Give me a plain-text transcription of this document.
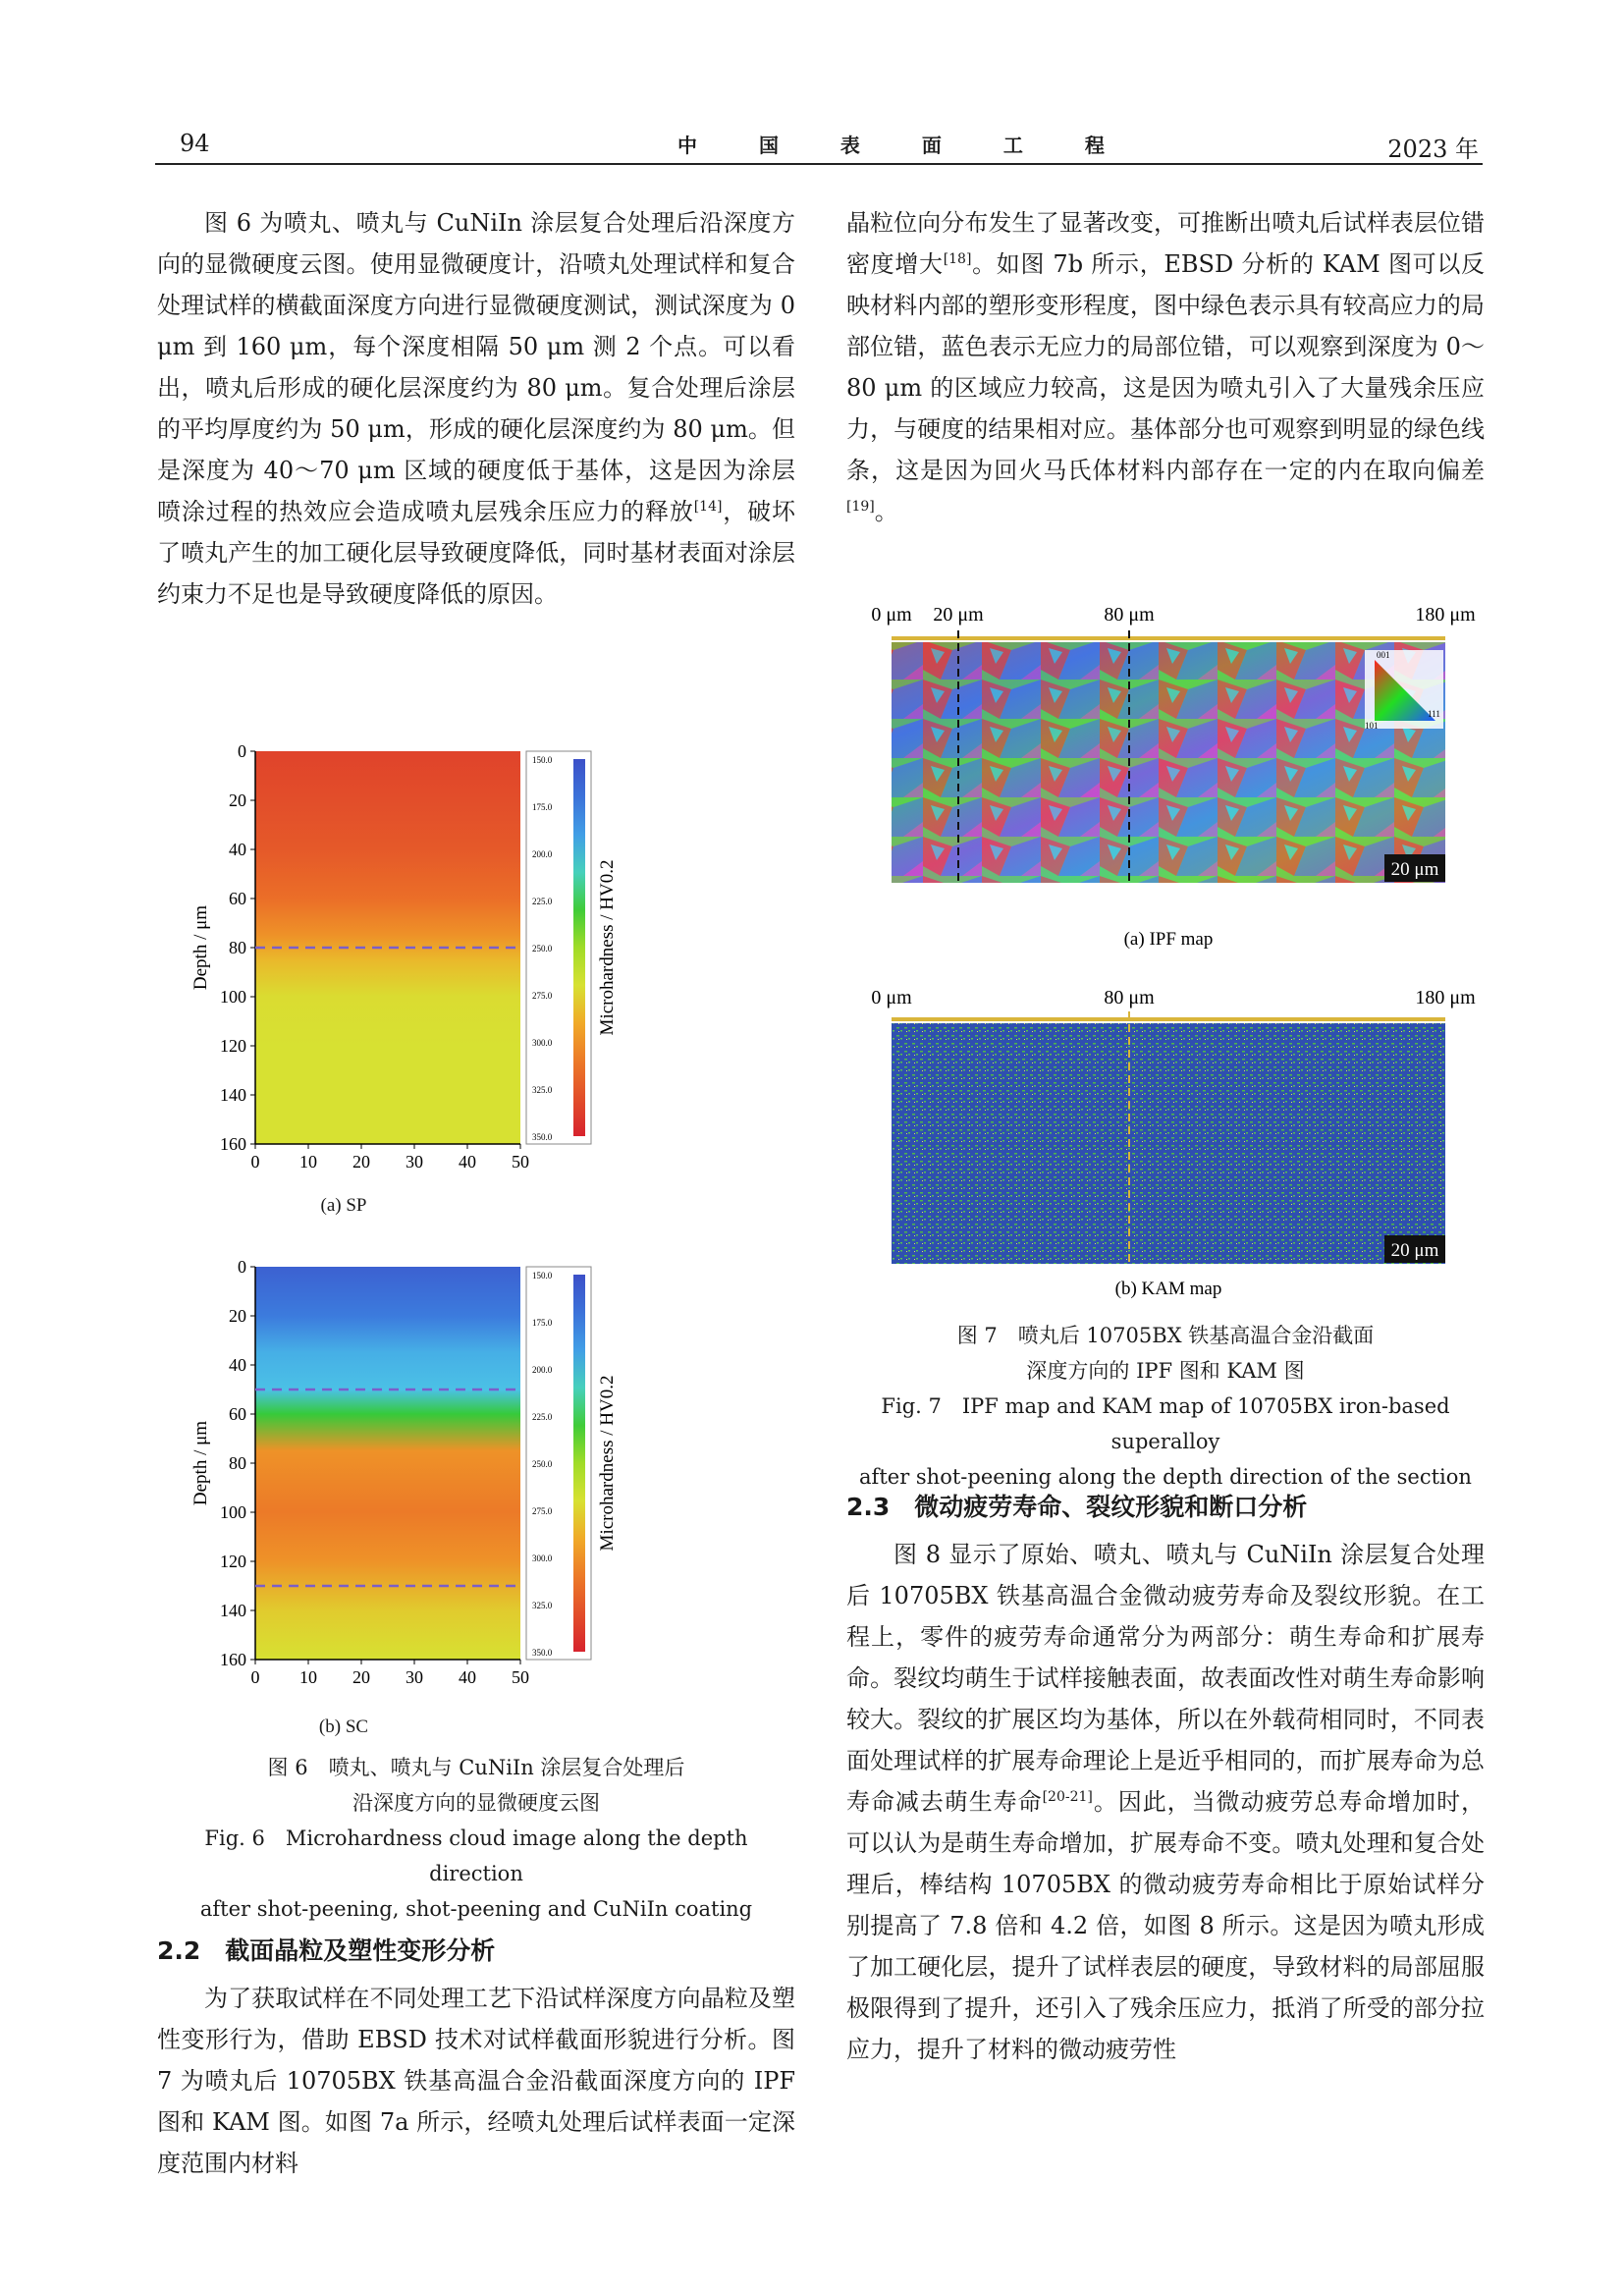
94	中 国 表 面 工 程	2023 年

图 6 为喷丸、喷丸与 CuNiIn 涂层复合处理后沿深度方向的显微硬度云图。使用显微硬度计，沿喷丸处理试样和复合处理试样的横截面深度方向进行显微硬度测试，测试深度为 0 μm 到 160 μm，每个深度相隔 50 μm 测 2 个点。可以看出，喷丸后形成的硬化层深度约为 80 μm。复合处理后涂层的平均厚度约为 50 μm，形成的硬化层深度约为 80 μm。但是深度为 40～70 μm 区域的硬度低于基体，这是因为涂层喷涂过程的热效应会造成喷丸层残余压应力的释放[14]，破坏了喷丸产生的加工硬化层导致硬度降低，同时基材表面对涂层约束力不足也是导致硬度降低的原因。

0
20
40
60
80
100
120
140
160
0 10 20 30 40 50
Depth / μm
150.0
175.0
200.0
225.0
250.0
275.0
300.0
325.0
350.0
Microhardness / HV0.2
(a) SP
0
20
40
60
80
100
120
140
160
0 10 20 30 40 50
Depth / μm
150.0
175.0
200.0
225.0
250.0
275.0
300.0
325.0
350.0
Microhardness / HV0.2
(b) SC
图 6　喷丸、喷丸与 CuNiIn 涂层复合处理后
沿深度方向的显微硬度云图
Fig. 6　Microhardness cloud image along the depth direction
after shot-peening, shot-peening and CuNiIn coating
2.2　截面晶粒及塑性变形分析

为了获取试样在不同处理工艺下沿试样深度方向晶粒及塑性变形行为，借助 EBSD 技术对试样截面形貌进行分析。图 7 为喷丸后 10705BX 铁基高温合金沿截面深度方向的 IPF 图和 KAM 图。如图 7a 所示，经喷丸处理后试样表面一定深度范围内材料

晶粒位向分布发生了显著改变，可推断出喷丸后试样表层位错密度增大[18]。如图 7b 所示，EBSD 分析的 KAM 图可以反映材料内部的塑形变形程度，图中绿色表示具有较高应力的局部位错，蓝色表示无应力的局部位错，可以观察到深度为 0～80 μm 的区域应力较高，这是因为喷丸引入了大量残余压应力，与硬度的结果相对应。基体部分也可观察到明显的绿色线条，这是因为回火马氏体材料内部存在一定的内在取向偏差[19]。

0 μm 20 μm	80 μm	180 μm
001
101
111
20 μm
(a) IPF map
0 μm	80 μm	180 μm
20 μm
(b) KAM map
图 7　喷丸后 10705BX 铁基高温合金沿截面
深度方向的 IPF 图和 KAM 图
Fig. 7　IPF map and KAM map of 10705BX iron-based superalloy
after shot-peening along the depth direction of the section
2.3　微动疲劳寿命、裂纹形貌和断口分析

图 8 显示了原始、喷丸、喷丸与 CuNiIn 涂层复合处理后 10705BX 铁基高温合金微动疲劳寿命及裂纹形貌。在工程上，零件的疲劳寿命通常分为两部分：萌生寿命和扩展寿命。裂纹均萌生于试样接触表面，故表面改性对萌生寿命影响较大。裂纹的扩展区均为基体，所以在外载荷相同时，不同表面处理试样的扩展寿命理论上是近乎相同的，而扩展寿命为总寿命减去萌生寿命[20-21]。因此，当微动疲劳总寿命增加时，可以认为是萌生寿命增加，扩展寿命不变。喷丸处理和复合处理后，棒结构 10705BX 的微动疲劳寿命相比于原始试样分别提高了 7.8 倍和 4.2 倍，如图 8 所示。这是因为喷丸形成了加工硬化层，提升了试样表层的硬度，导致材料的局部屈服极限得到了提升，还引入了残余压应力，抵消了所受的部分拉应力，提升了材料的微动疲劳性
